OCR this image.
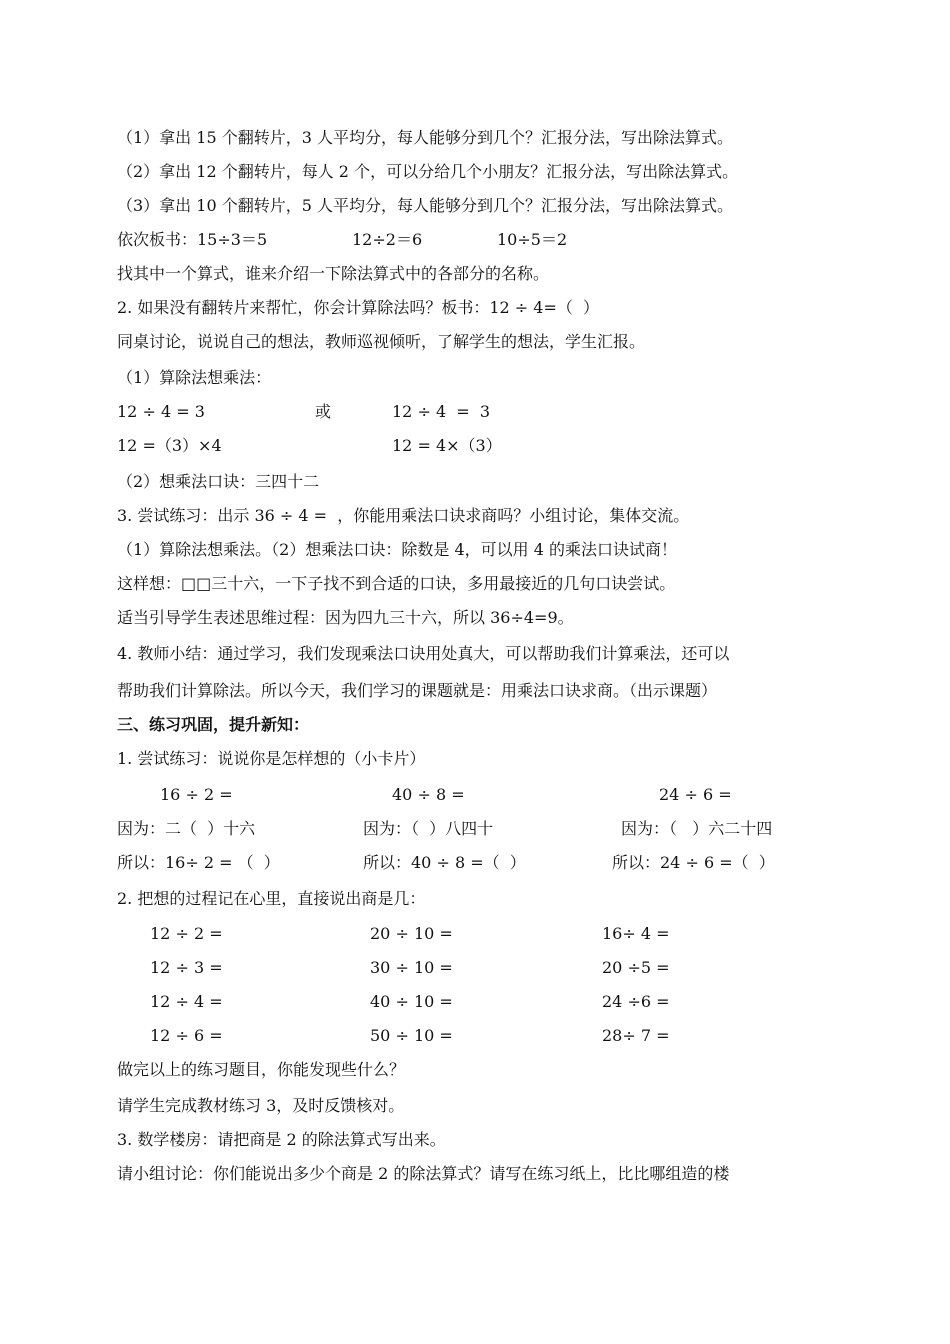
（1）拿出 15 个翻转片，3 人平均分，每人能够分到几个？汇报分法，写出除法算式。
（2）拿出 12 个翻转片，每人 2 个，可以分给几个小朋友？汇报分法，写出除法算式。
（3）拿出 10 个翻转片，5 人平均分，每人能够分到几个？汇报分法，写出除法算式。
依次板书：15÷3＝5	12÷2＝6	10÷5＝2
找其中一个算式，谁来介绍一下除法算式中的各部分的名称。
2. 如果没有翻转片来帮忙，你会计算除法吗？板书：12 ÷ 4=（  ）
同桌讨论，说说自己的想法，教师巡视倾听，了解学生的想法，学生汇报。
（1）算除法想乘法：
12 ÷ 4 = 3	或	12 ÷ 4  =  3
12 =（3）×4	12 = 4×（3）
（2）想乘法口诀：三四十二
3. 尝试练习：出示 36 ÷ 4 =  ，你能用乘法口诀求商吗？小组讨论，集体交流。
（1）算除法想乘法。（2）想乘法口诀：除数是 4，可以用 4 的乘法口诀试商！
这样想：□□三十六，一下子找不到合适的口诀，多用最接近的几句口诀尝试。
适当引导学生表述思维过程：因为四九三十六，所以 36÷4=9。
4. 教师小结：通过学习，我们发现乘法口诀用处真大，可以帮助我们计算乘法，还可以
帮助我们计算除法。所以今天，我们学习的课题就是：用乘法口诀求商。（出示课题）
三、练习巩固，提升新知：
1. 尝试练习：说说你是怎样想的（小卡片）
16 ÷ 2 =	40 ÷ 8 =	24 ÷ 6 =
因为：二（  ）十六	因为：（  ）八四十	因为：（   ）六二十四
所以：16÷ 2 = （  ）	所以：40 ÷ 8 =（  ）	所以：24 ÷ 6 =（  ）
2. 把想的过程记在心里，直接说出商是几：
12 ÷ 2 =	20 ÷ 10 =	16÷ 4 =
12 ÷ 3 =	30 ÷ 10 =	20 ÷5 =
12 ÷ 4 =	40 ÷ 10 =	24 ÷6 =
12 ÷ 6 =	50 ÷ 10 =	28÷ 7 =
做完以上的练习题目，你能发现些什么？
请学生完成教材练习 3，及时反馈核对。
3. 数学楼房：请把商是 2 的除法算式写出来。
请小组讨论：你们能说出多少个商是 2 的除法算式？请写在练习纸上，比比哪组造的楼
